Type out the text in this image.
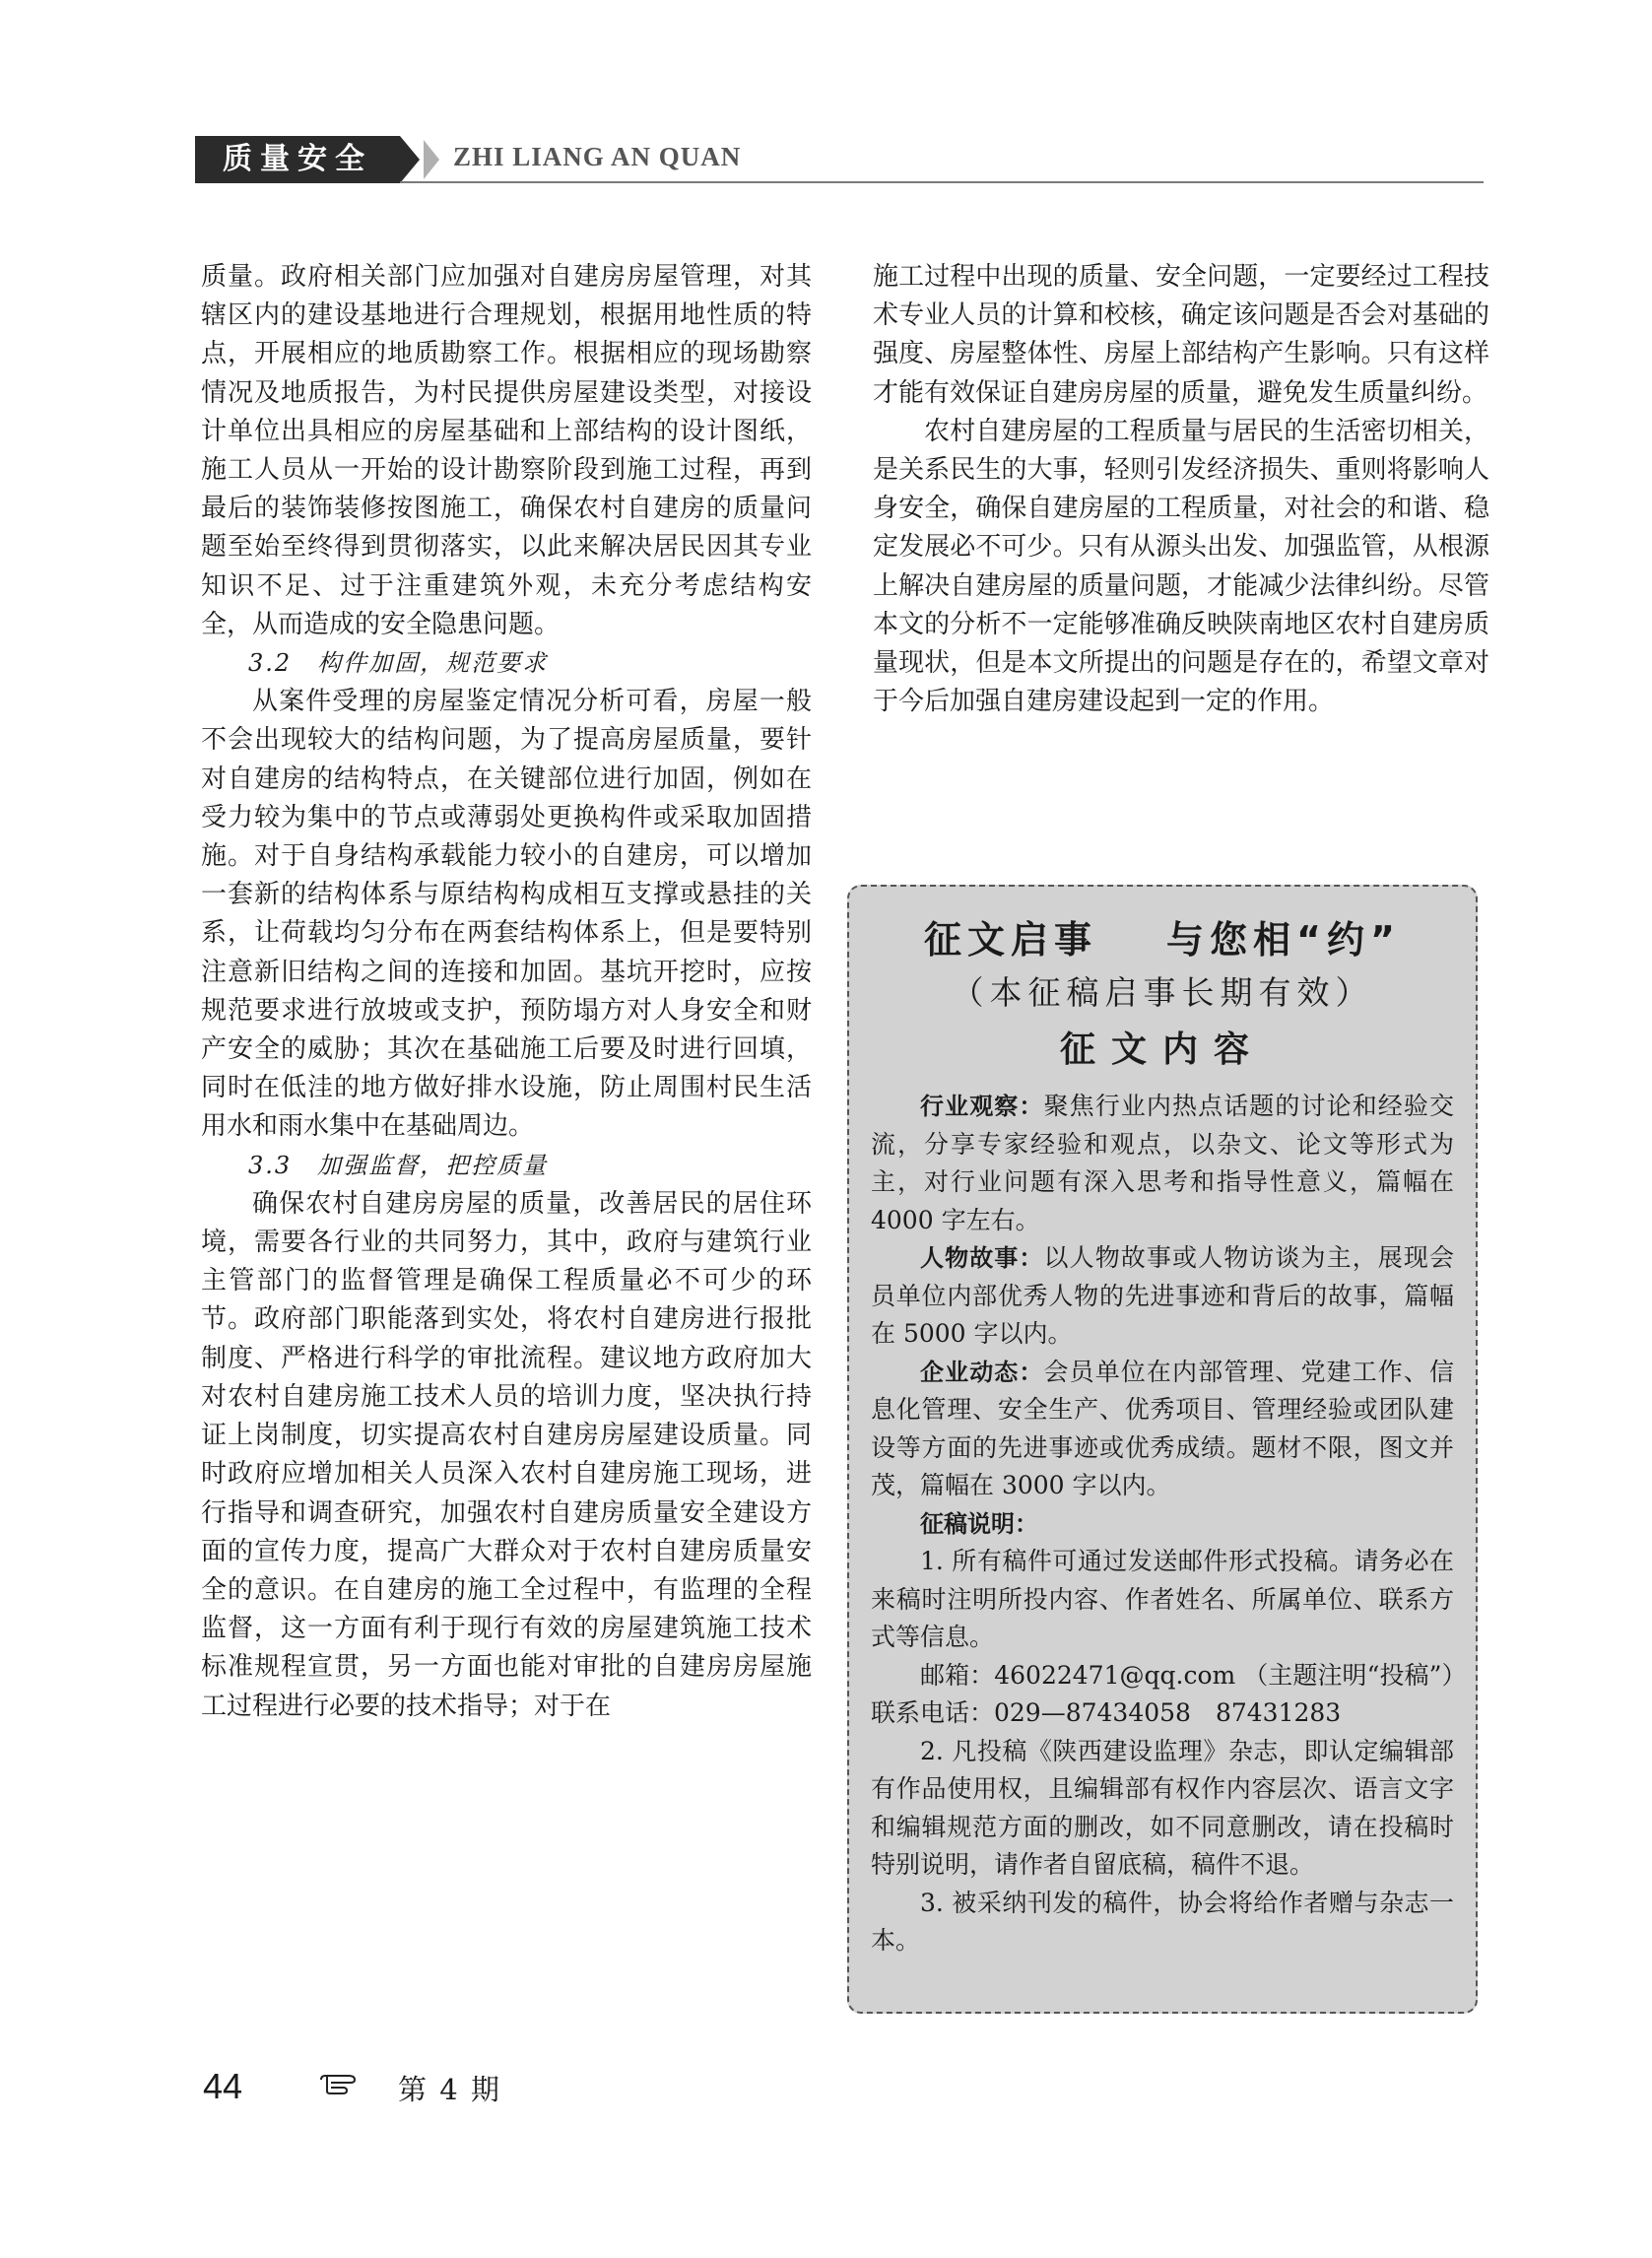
质量安全	ZHI LIANG AN QUAN

质量。政府相关部门应加强对自建房房屋管理，对其辖区内的建设基地进行合理规划，根据用地性质的特点，开展相应的地质勘察工作。根据相应的现场勘察情况及地质报告，为村民提供房屋建设类型，对接设计单位出具相应的房屋基础和上部结构的设计图纸，施工人员从一开始的设计勘察阶段到施工过程，再到最后的装饰装修按图施工，确保农村自建房的质量问题至始至终得到贯彻落实，以此来解决居民因其专业知识不足、过于注重建筑外观，未充分考虑结构安全，从而造成的安全隐患问题。

3.2　构件加固，规范要求

从案件受理的房屋鉴定情况分析可看，房屋一般不会出现较大的结构问题，为了提高房屋质量，要针对自建房的结构特点，在关键部位进行加固，例如在受力较为集中的节点或薄弱处更换构件或采取加固措施。对于自身结构承载能力较小的自建房，可以增加一套新的结构体系与原结构构成相互支撑或悬挂的关系，让荷载均匀分布在两套结构体系上，但是要特别注意新旧结构之间的连接和加固。基坑开挖时，应按规范要求进行放坡或支护，预防塌方对人身安全和财产安全的威胁；其次在基础施工后要及时进行回填，同时在低洼的地方做好排水设施，防止周围村民生活用水和雨水集中在基础周边。

3.3　加强监督，把控质量

确保农村自建房房屋的质量，改善居民的居住环境，需要各行业的共同努力，其中，政府与建筑行业主管部门的监督管理是确保工程质量必不可少的环节。政府部门职能落到实处，将农村自建房进行报批制度、严格进行科学的审批流程。建议地方政府加大对农村自建房施工技术人员的培训力度，坚决执行持证上岗制度，切实提高农村自建房房屋建设质量。同时政府应增加相关人员深入农村自建房施工现场，进行指导和调查研究，加强农村自建房质量安全建设方面的宣传力度，提高广大群众对于农村自建房质量安全的意识。在自建房的施工全过程中，有监理的全程监督，这一方面有利于现行有效的房屋建筑施工技术标准规程宣贯，另一方面也能对审批的自建房房屋施工过程进行必要的技术指导；对于在

施工过程中出现的质量、安全问题，一定要经过工程技术专业人员的计算和校核，确定该问题是否会对基础的强度、房屋整体性、房屋上部结构产生影响。只有这样才能有效保证自建房房屋的质量，避免发生质量纠纷。

农村自建房屋的工程质量与居民的生活密切相关，是关系民生的大事，轻则引发经济损失、重则将影响人身安全，确保自建房屋的工程质量，对社会的和谐、稳定发展必不可少。只有从源头出发、加强监管，从根源上解决自建房屋的质量问题，才能减少法律纠纷。尽管本文的分析不一定能够准确反映陕南地区农村自建房质量现状，但是本文所提出的问题是存在的，希望文章对于今后加强自建房建设起到一定的作用。

征文启事 与您相“约”
（本征稿启事长期有效）
征文内容

行业观察：聚焦行业内热点话题的讨论和经验交流，分享专家经验和观点，以杂文、论文等形式为主，对行业问题有深入思考和指导性意义，篇幅在 4000 字左右。

人物故事：以人物故事或人物访谈为主，展现会员单位内部优秀人物的先进事迹和背后的故事，篇幅在 5000 字以内。

企业动态：会员单位在内部管理、党建工作、信息化管理、安全生产、优秀项目、管理经验或团队建设等方面的先进事迹或优秀成绩。题材不限，图文并茂，篇幅在 3000 字以内。

征稿说明：

1. 所有稿件可通过发送邮件形式投稿。请务必在来稿时注明所投内容、作者姓名、所属单位、联系方式等信息。

邮箱：46022471@qq.com （主题注明“投稿”）联系电话：029—87434058　87431283

2. 凡投稿《陕西建设监理》杂志，即认定编辑部有作品使用权，且编辑部有权作内容层次、语言文字和编辑规范方面的删改，如不同意删改，请在投稿时特别说明，请作者自留底稿，稿件不退。

3. 被采纳刊发的稿件，协会将给作者赠与杂志一本。

44	第 4 期
